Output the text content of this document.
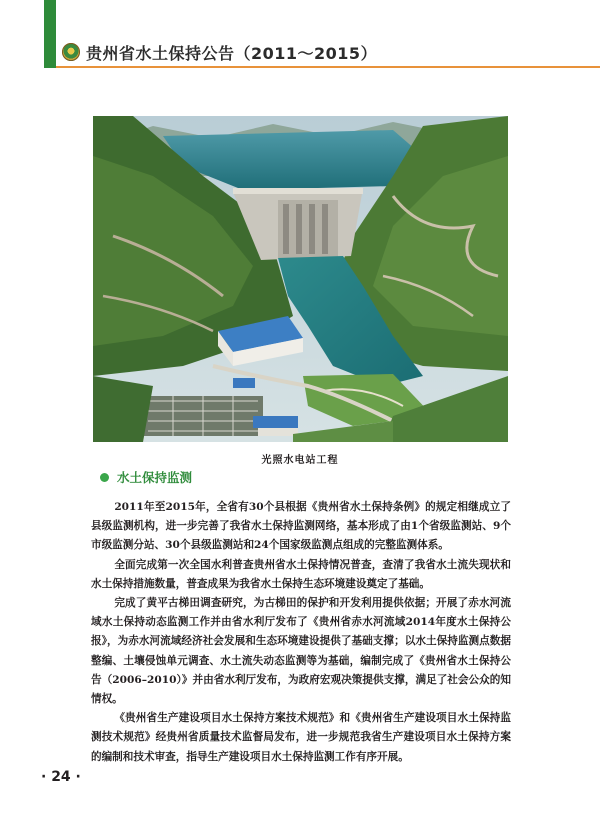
贵州省水土保持公告（2011～2015）
光照水电站工程
水土保持监测

2011年至2015年，全省有30个县根据《贵州省水土保持条例》的规定相继成立了县级监测机构，进一步完善了我省水土保持监测网络，基本形成了由1个省级监测站、9个市级监测分站、30个县级监测站和24个国家级监测点组成的完整监测体系。

全面完成第一次全国水利普查贵州省水土保持情况普查，查清了我省水土流失现状和水土保持措施数量，普查成果为我省水土保持生态环境建设奠定了基础。

完成了黄平古梯田调查研究，为古梯田的保护和开发利用提供依据；开展了赤水河流域水土保持动态监测工作并由省水利厅发布了《贵州省赤水河流域2014年度水土保持公报》，为赤水河流域经济社会发展和生态环境建设提供了基础支撑；以水土保持监测点数据整编、土壤侵蚀单元调查、水土流失动态监测等为基础，编制完成了《贵州省水土保持公告（2006–2010）》并由省水利厅发布，为政府宏观决策提供支撑，满足了社会公众的知情权。

《贵州省生产建设项目水土保持方案技术规范》和《贵州省生产建设项目水土保持监测技术规范》经贵州省质量技术监督局发布，进一步规范我省生产建设项目水土保持方案的编制和技术审查，指导生产建设项目水土保持监测工作有序开展。

· 24 ·
